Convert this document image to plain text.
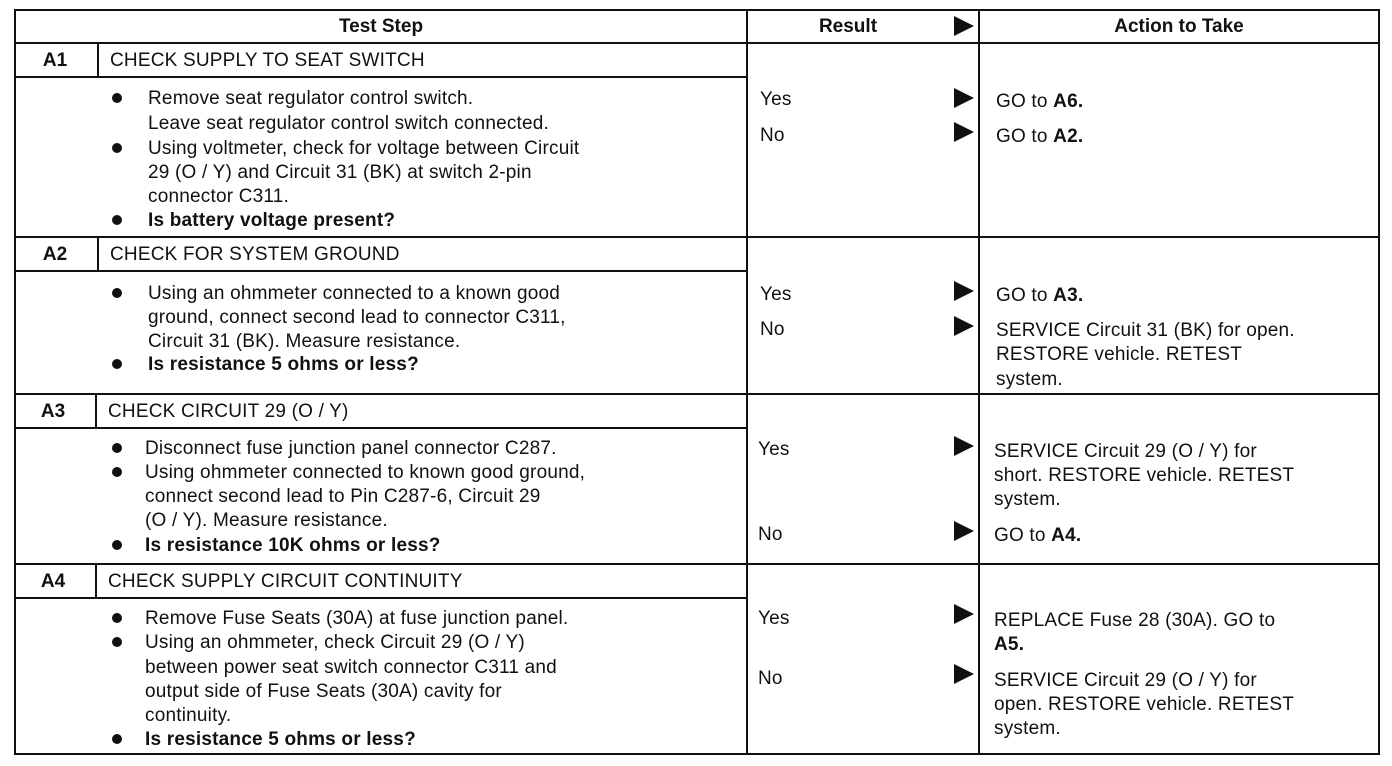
Test Step	Result	Action to Take
A1	CHECK SUPPLY TO SEAT SWITCH
Remove seat regulator control switch.
Leave seat regulator control switch connected.
Using voltmeter, check for voltage between Circuit
29 (O / Y) and Circuit 31 (BK) at switch 2-pin
connector C311.
Is battery voltage present?
Yes	GO to A6.
No	GO to A2.
A2	CHECK FOR SYSTEM GROUND
Using an ohmmeter connected to a known good
ground, connect second lead to connector C311,
Circuit 31 (BK). Measure resistance.
Is resistance 5 ohms or less?
Yes	GO to A3.
No	SERVICE Circuit 31 (BK) for open.
RESTORE vehicle. RETEST
system.
A3	CHECK CIRCUIT 29 (O / Y)
Disconnect fuse junction panel connector C287.
Using ohmmeter connected to known good ground,
connect second lead to Pin C287-6, Circuit 29
(O / Y). Measure resistance.
Is resistance 10K ohms or less?
Yes	SERVICE Circuit 29 (O / Y) for
short. RESTORE vehicle. RETEST
system.
No	GO to A4.
A4	CHECK SUPPLY CIRCUIT CONTINUITY
Remove Fuse Seats (30A) at fuse junction panel.
Using an ohmmeter, check Circuit 29 (O / Y)
between power seat switch connector C311 and
output side of Fuse Seats (30A) cavity for
continuity.
Is resistance 5 ohms or less?
Yes	REPLACE Fuse 28 (30A). GO to
A5.
No	SERVICE Circuit 29 (O / Y) for
open. RESTORE vehicle. RETEST
system.
